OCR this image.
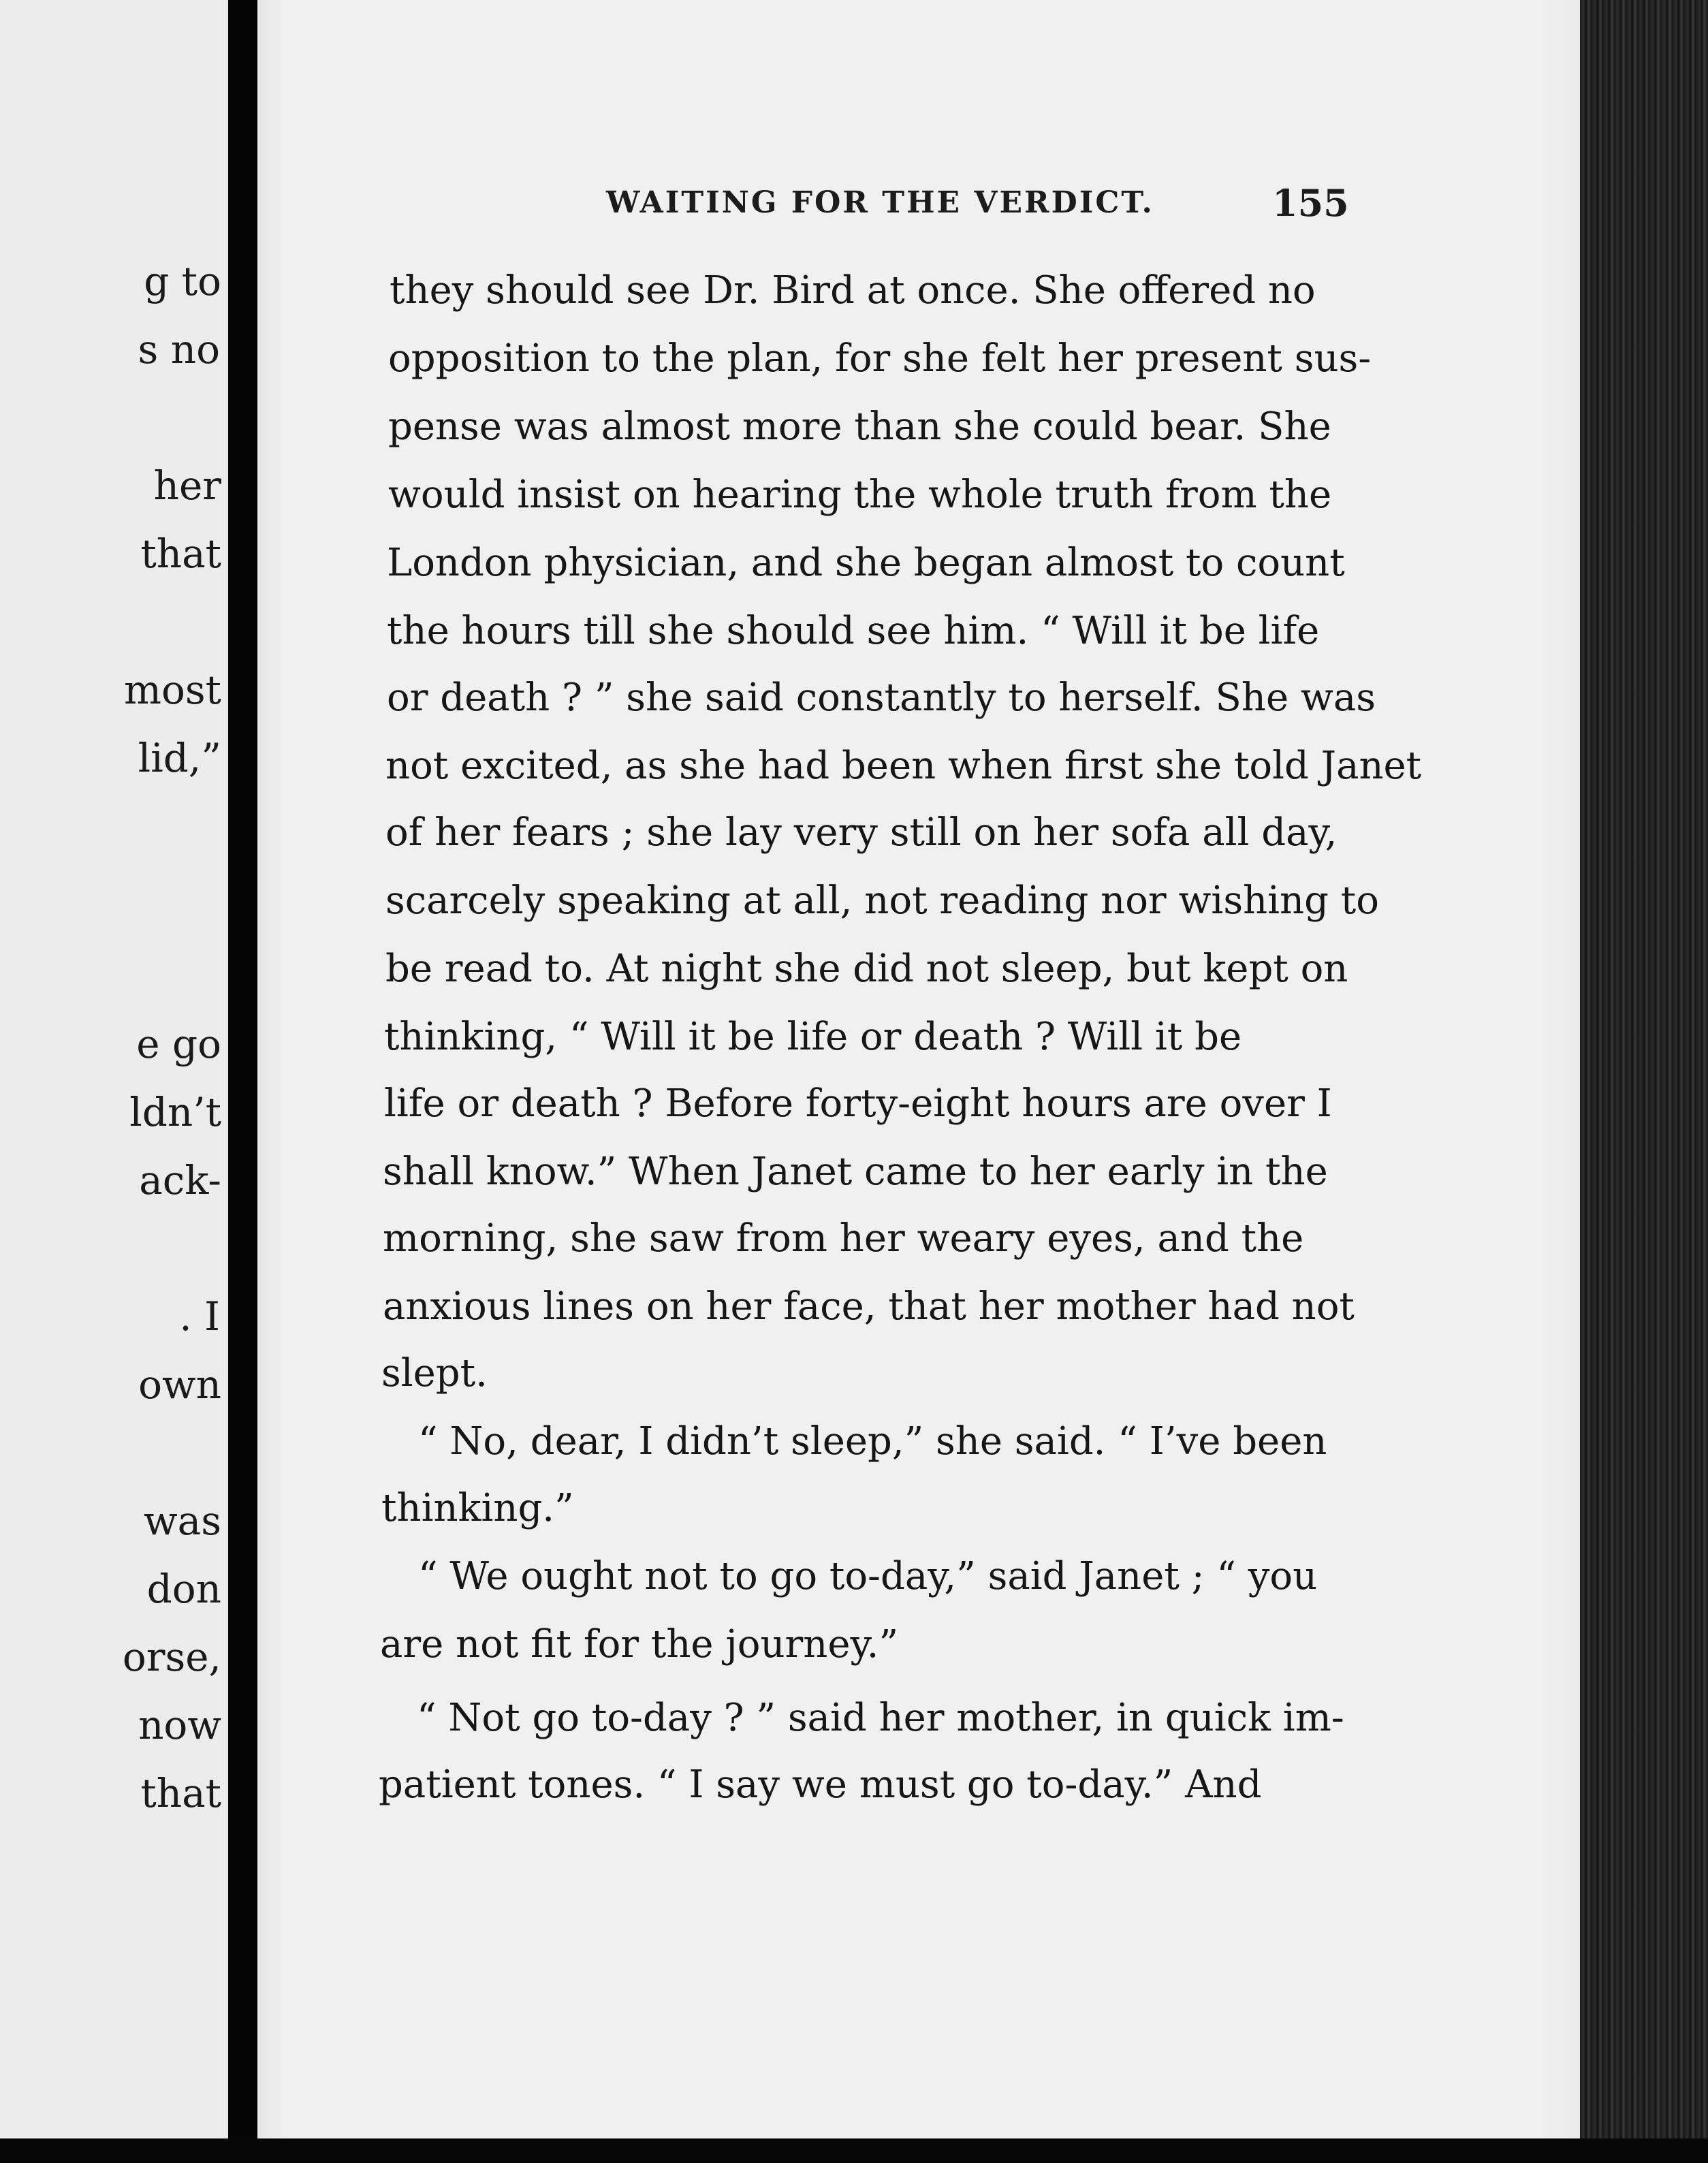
g to
s no
her
that
most
lid,”
e go
ldn’t
ack-
. I
own
was
don
orse,
now
that
WAITING FOR THE VERDICT.	155
they should see Dr. Bird at once. She offered no
opposition to the plan, for she felt her present sus-
pense was almost more than she could bear. She
would insist on hearing the whole truth from the
London physician, and she began almost to count
the hours till she should see him. “ Will it be life
or death ? ” she said constantly to herself. She was
not excited, as she had been when first she told Janet
of her fears ; she lay very still on her sofa all day,
scarcely speaking at all, not reading nor wishing to
be read to. At night she did not sleep, but kept on
thinking, “ Will it be life or death ? Will it be
life or death ? Before forty-eight hours are over I
shall know.” When Janet came to her early in the
morning, she saw from her weary eyes, and the
anxious lines on her face, that her mother had not
slept.
“ No, dear, I didn’t sleep,” she said. “ I’ve been
thinking.”
“ We ought not to go to-day,” said Janet ; “ you
are not fit for the journey.”
“ Not go to-day ? ” said her mother, in quick im-
patient tones. “ I say we must go to-day.” And
